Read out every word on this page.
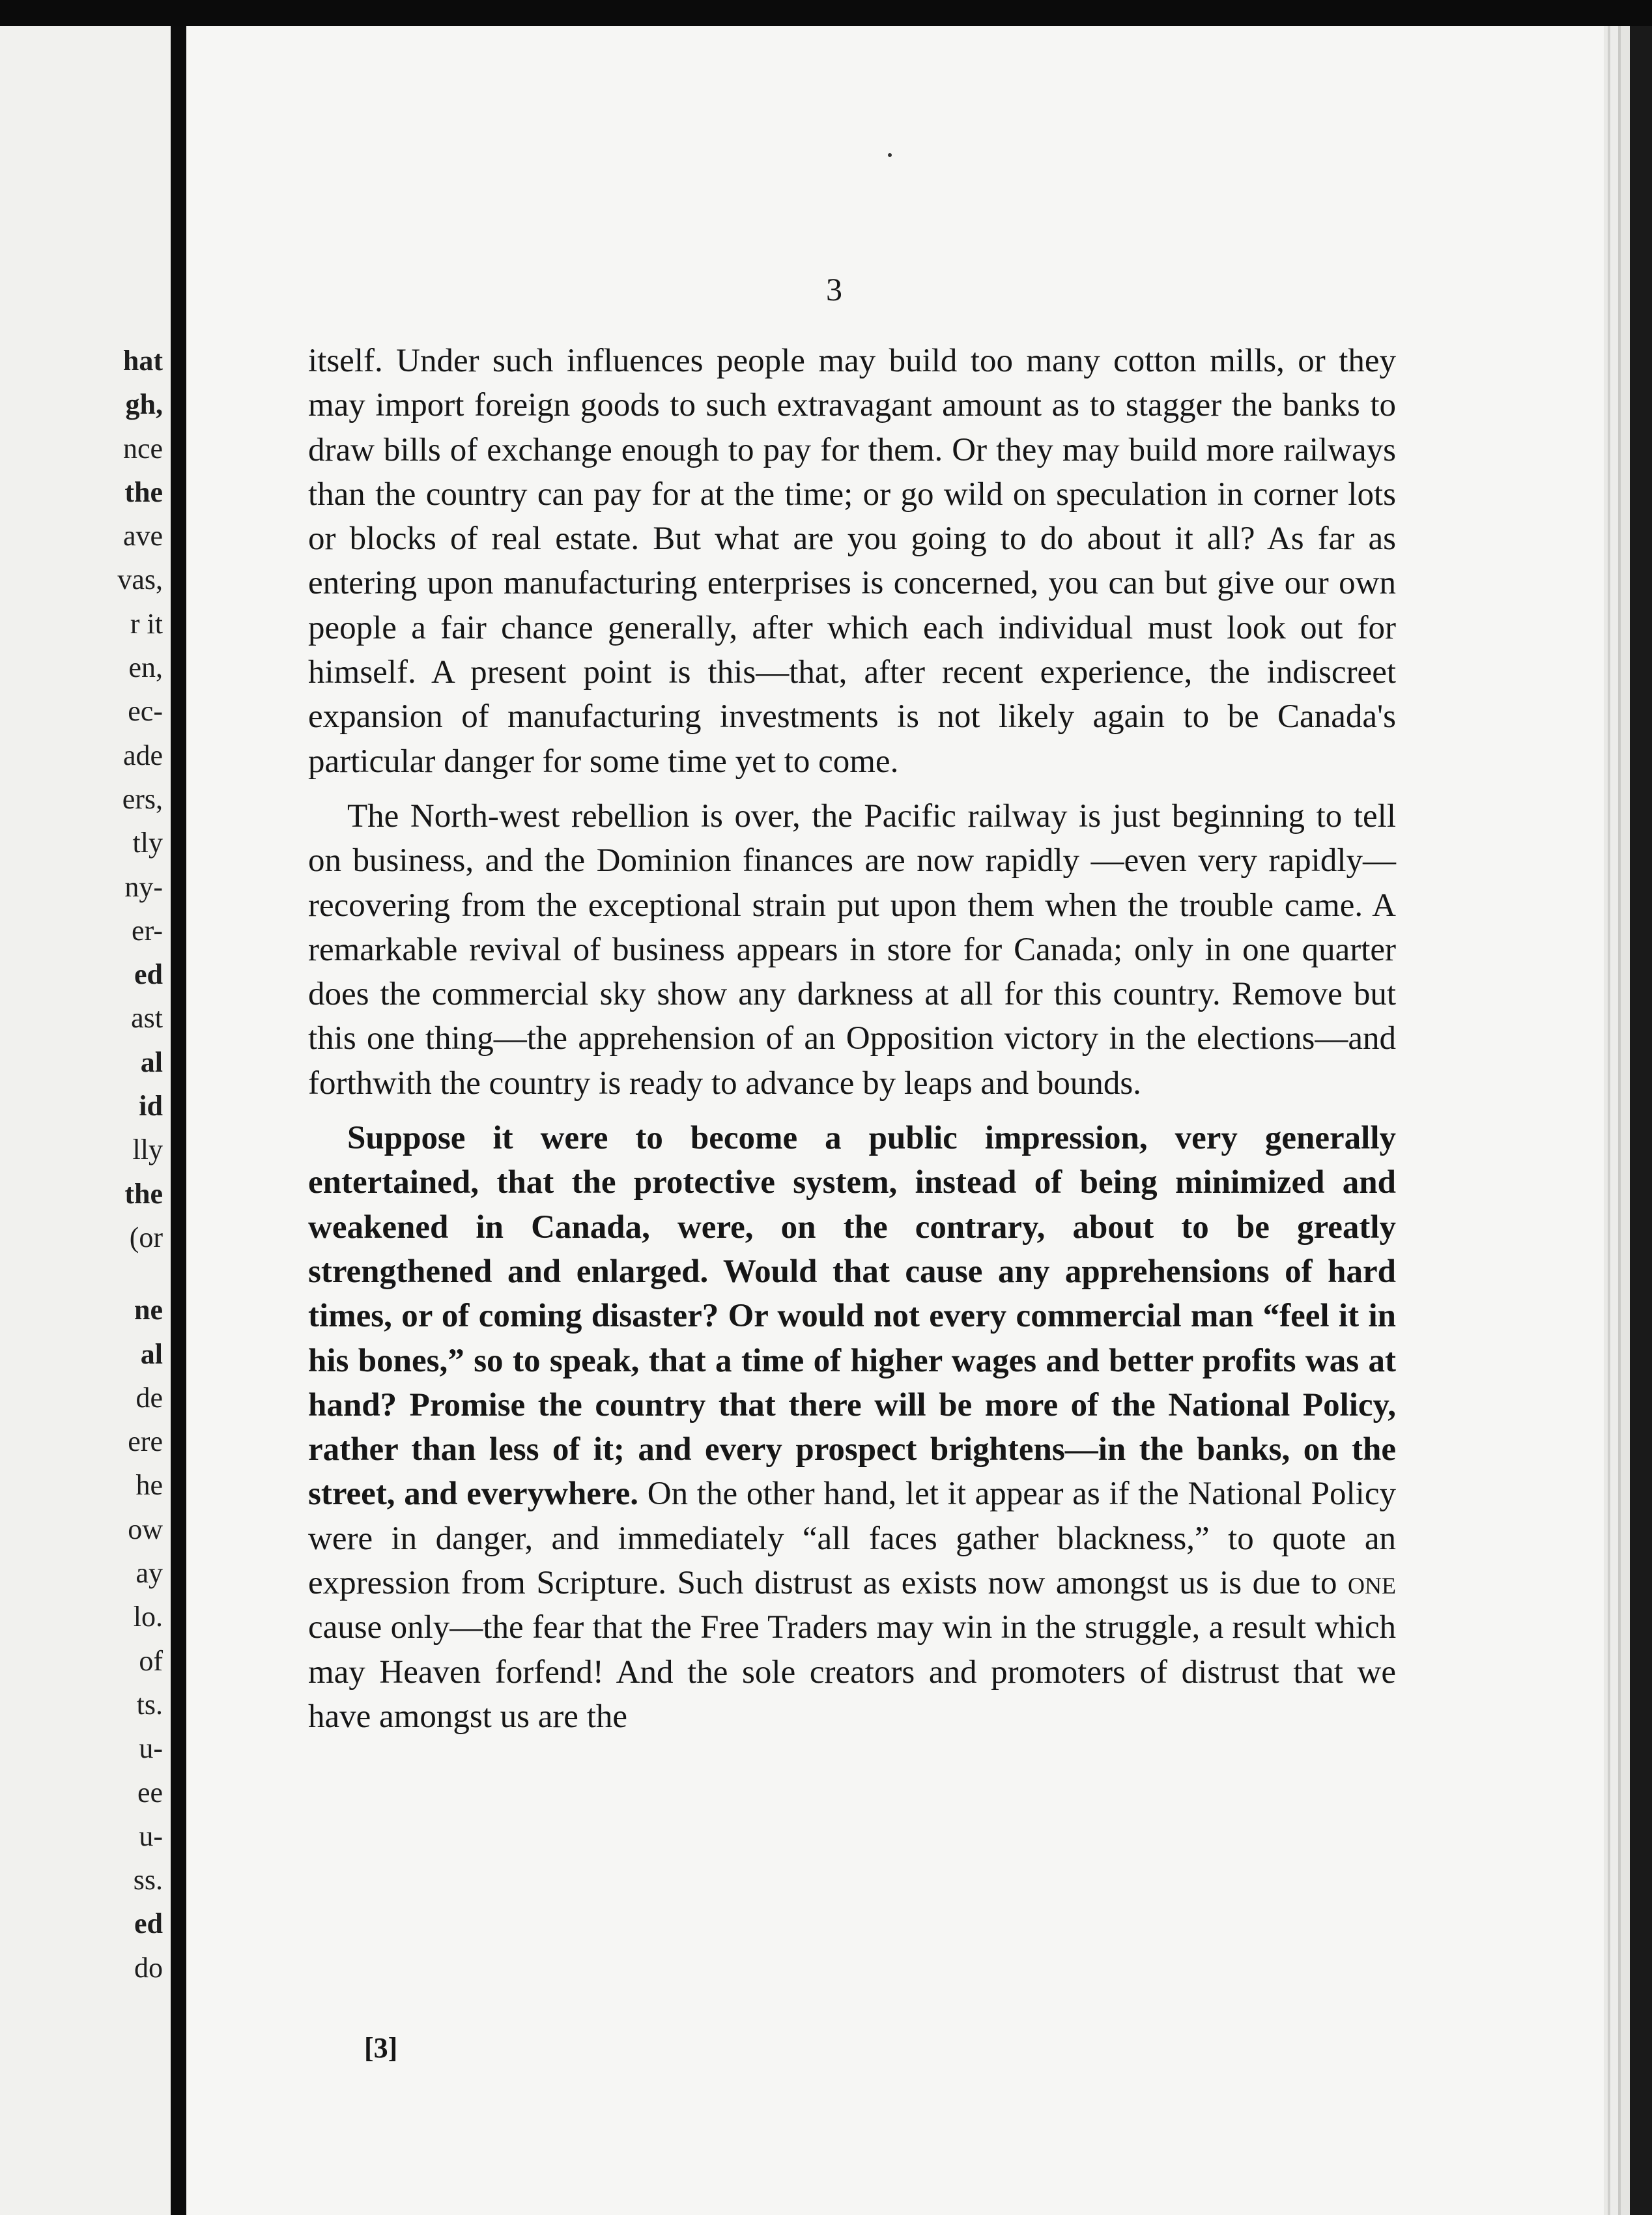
hat
gh,
nce
the
ave
vas,
r it
en,
ec-
ade
ers,
tly
ny-
er-
ed
ast
al
id
lly
the
(or
ne
al
de
ere
he
ow
ay
lo.
of
ts.
u-
ee
u-
ss.
ed
do
3

itself. Under such influences people may build too many cotton mills, or they may import foreign goods to such extravagant amount as to stagger the banks to draw bills of exchange enough to pay for them. Or they may build more railways than the country can pay for at the time; or go wild on speculation in corner lots or blocks of real estate. But what are you going to do about it all? As far as entering upon manufacturing enterprises is concerned, you can but give our own people a fair chance generally, after which each individual must look out for himself. A present point is this—that, after recent experience, the indiscreet expansion of manufacturing investments is not likely again to be Canada's particular danger for some time yet to come.

The North-west rebellion is over, the Pacific railway is just beginning to tell on business, and the Dominion finances are now rapidly —even very rapidly—recovering from the exceptional strain put upon them when the trouble came. A remarkable revival of business appears in store for Canada; only in one quarter does the commercial sky show any darkness at all for this country. Remove but this one thing—the apprehension of an Opposition victory in the elections—and forthwith the country is ready to advance by leaps and bounds.

Suppose it were to become a public impression, very generally entertained, that the protective system, instead of being minimized and weakened in Canada, were, on the contrary, about to be greatly strengthened and enlarged. Would that cause any apprehensions of hard times, or of coming disaster? Or would not every commercial man “feel it in his bones,” so to speak, that a time of higher wages and better profits was at hand? Promise the country that there will be more of the National Policy, rather than less of it; and every prospect brightens—in the banks, on the street, and everywhere. On the other hand, let it appear as if the National Policy were in danger, and immediately “all faces gather blackness,” to quote an expression from Scripture. Such distrust as exists now amongst us is due to one cause only—the fear that the Free Traders may win in the struggle, a result which may Heaven forfend! And the sole creators and promoters of distrust that we have amongst us are the

[3]
